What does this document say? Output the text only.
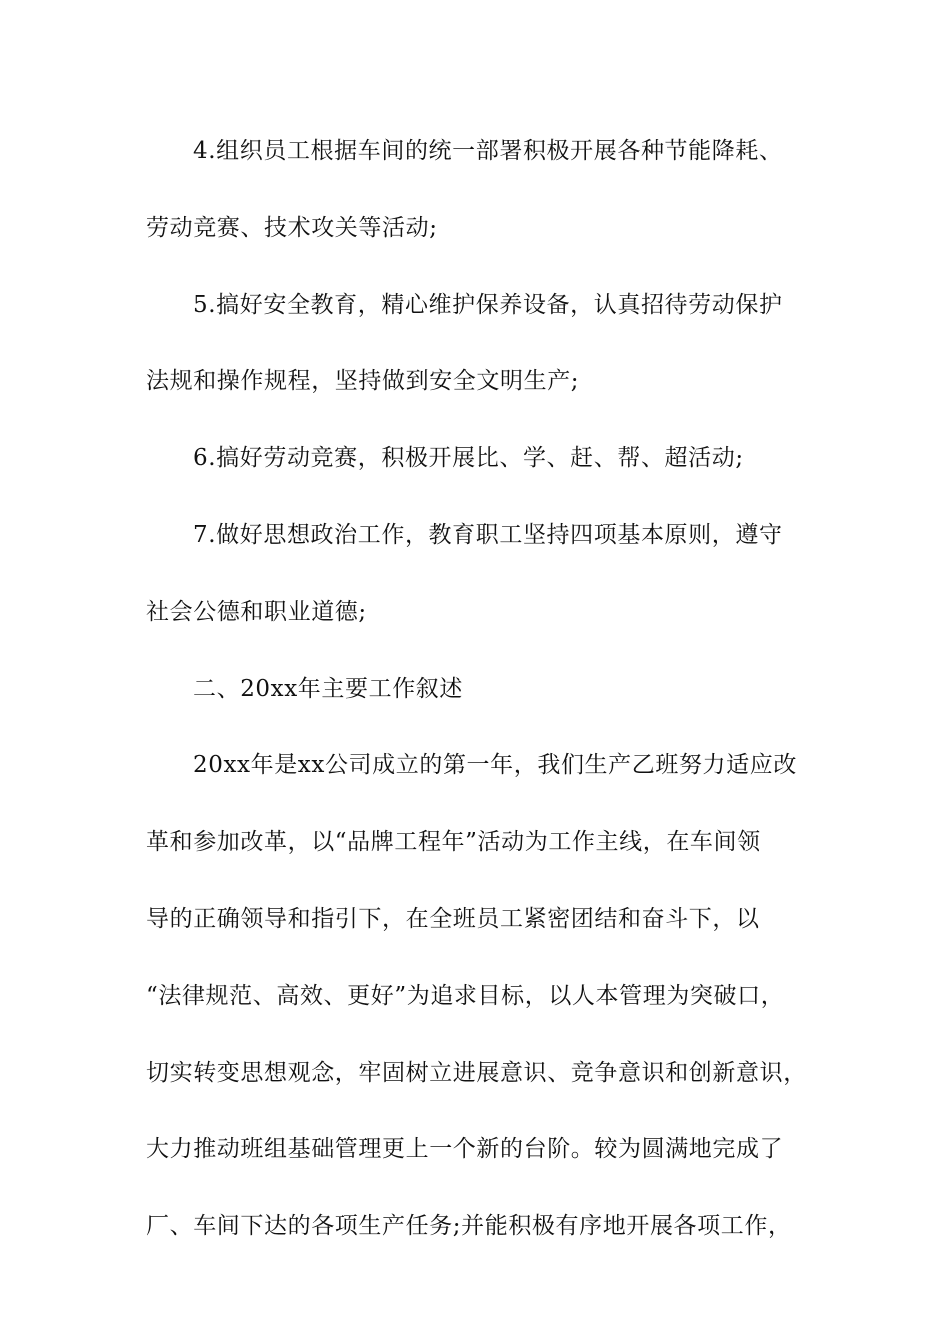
4.组织员工根据车间的统一部署积极开展各种节能降耗、
劳动竞赛、技术攻关等活动;
5.搞好安全教育，精心维护保养设备，认真招待劳动保护
法规和操作规程，坚持做到安全文明生产;
6.搞好劳动竞赛，积极开展比、学、赶、帮、超活动;
7.做好思想政治工作，教育职工坚持四项基本原则，遵守
社会公德和职业道德;
二、20xx年主要工作叙述
20xx年是xx公司成立的第一年，我们生产乙班努力适应改
革和参加改革，以“品牌工程年”活动为工作主线，在车间领
导的正确领导和指引下，在全班员工紧密团结和奋斗下，以
“法律规范、高效、更好”为追求目标，以人本管理为突破口，
切实转变思想观念，牢固树立进展意识、竞争意识和创新意识，
大力推动班组基础管理更上一个新的台阶。较为圆满地完成了
厂、车间下达的各项生产任务;并能积极有序地开展各项工作，
